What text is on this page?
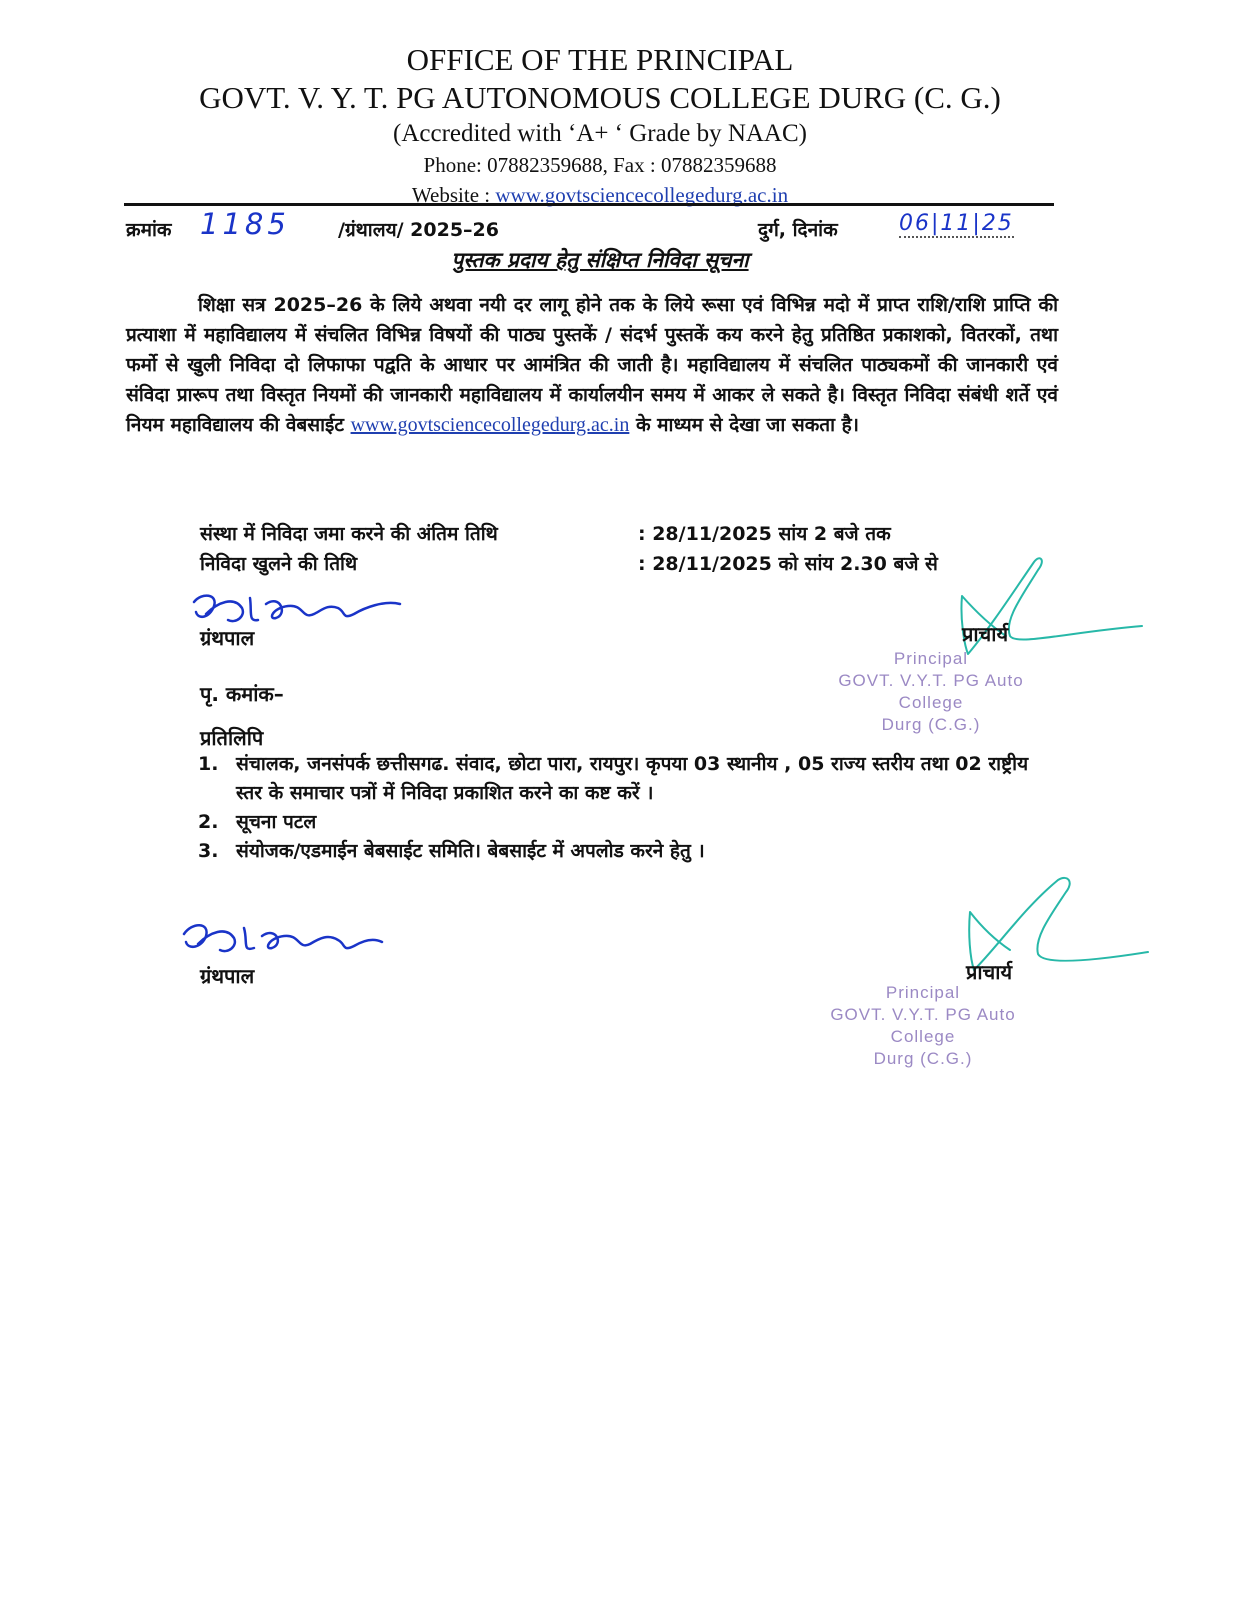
OFFICE OF THE PRINCIPAL
GOVT. V. Y. T. PG AUTONOMOUS COLLEGE DURG (C. G.)
(Accredited with ‘A+ ‘ Grade by NAAC)
Phone: 07882359688, Fax : 07882359688
Website : www.govtsciencecollegedurg.ac.in
क्रमांक 1185	/ग्रंथालय/ 2025–26	दुर्ग, दिनांक	06|11|25
पुस्तक प्रदाय हेतु संक्षिप्त निविदा सूचना
शिक्षा सत्र 2025–26 के लिये अथवा नयी दर लागू होने तक के लिये रूसा एवं विभिन्न मदो में प्राप्त राशि/राशि प्राप्ति की प्रत्याशा में महाविद्यालय में संचलित विभिन्न विषयों की पाठ्य पुस्तकें / संदर्भ पुस्तकें कय करने हेतु प्रतिष्ठित प्रकाशको, वितरकों, तथा फर्मो से खुली निविदा दो लिफाफा पद्वति के आधार पर आमंत्रित की जाती है। महाविद्यालय में संचलित पाठ्यकमों की जानकारी एवं संविदा प्रारूप तथा विस्तृत नियमों की जानकारी महाविद्यालय में कार्यालयीन समय में आकर ले सकते है। विस्तृत निविदा संबंधी शर्ते एवं नियम महाविद्यालय की वेबसाईट www.govtsciencecollegedurg.ac.in के माध्यम से देखा जा सकता है।
संस्था में निविदा जमा करने की अंतिम तिथि	: 28/11/2025 सांय 2 बजे तक
निविदा खुलने की तिथि	: 28/11/2025 को सांय 2.30 बजे से
ग्रंथपाल	प्राचार्य
Principal
GOVT. V.Y.T. PG Auto College
Durg (C.G.)
पृ. कमांक–
प्रतिलिपि
1. संचालक, जनसंपर्क छत्तीसगढ. संवाद, छोटा पारा, रायपुर। कृपया 03 स्थानीय , 05 राज्य स्तरीय तथा 02 राष्ट्रीय स्तर के समाचार पत्रों में निविदा प्रकाशित करने का कष्ट करें ।
2. सूचना पटल
3. संयोजक/एडमाईन बेबसाईट समिति। बेबसाईट में अपलोड करने हेतु ।
ग्रंथपाल	प्राचार्य
Principal
GOVT. V.Y.T. PG Auto College
Durg (C.G.)
